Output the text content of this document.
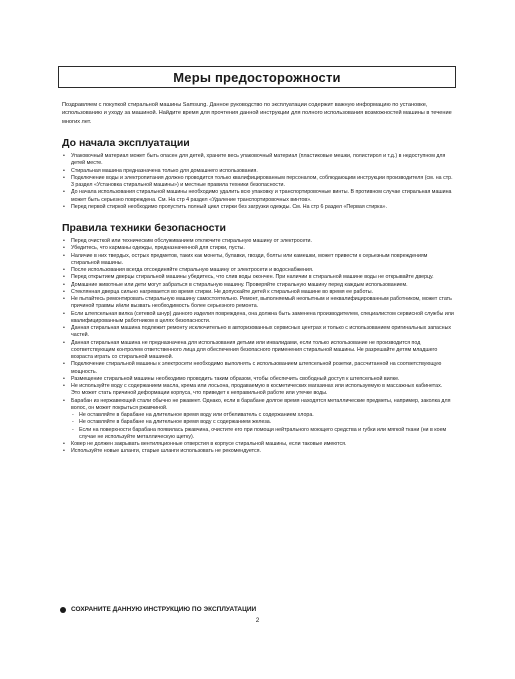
Меры предосторожности
Поздравляем с покупкой стиральной машины Samsung. Данное руководство по эксплуатации содержит важную информацию по установке, использованию и уходу за машиной. Найдите время для прочтения данной инструкции для полного использования возможностей машины в течение многих лет.
До начала эксплуатации
• Упаковочный материал может быть опасен для детей, храните весь упаковочный материал (пластиковые мешки, полистирол и т.д.) в недоступном для детей месте.
• Стиральная машина предназначена только для домашнего использования.
• Подключение воды и электропитания должно проводится только квалифицированным персоналом, соблюдающим инструкции производителя (см. на стр. 3 раздел «Установка стиральной машины») и местные правила техники безопасности.
• До начала использования стиральной машины необходимо удалить всю упаковку и транспортировочные винты. В противном случае стиральная машина может быть серьезно повреждена. См. На стр 4 раздел «Удаление транспортировочных винтов».
• Перед первой стиркой необходимо пропустить полный цикл стирки без загрузки одежды. См. На стр 6 раздел «Первая стирка».
Правила техники безопасности
• Перед очисткой или техническим обслуживанием отключите стиральную машину от электросети.
• Убедитесь, что карманы одежды, предназначенной для стирки, пусты.
• Наличие в них твердых, острых предметов, таких как монеты, булавки, гвозди, болты или камешки, может привести к серьезным повреждениям стиральной машины.
• После использования всегда отсоединяйте стиральную машину от электросети и водоснабжения.
• Перед открытием дверцы стиральной машины убедитесь, что слив воды окончен. При наличии в стиральной машине воды не открывайте дверцу.
• Домашние животные или дети могут забраться в стиральную машину. Проверяйте стиральную машину перед каждым использованием.
• Стеклянная дверца сильно нагревается во время стирки. Не допускайте детей к стиральной машине во время ее работы.
• Не пытайтесь ремонтировать стиральную машину самостоятельно. Ремонт, выполняемый неопытным и неквалифицированным работником, может стать причиной травмы и/или вызвать необходимость более серьезного ремонта.
• Если штепсельная вилка (сетевой шнур) данного изделия повреждена, она должна быть заменена производителем, специалистом сервисной службы или квалифицированным работником в целях безопасности.
• Данная стиральная машина подлежит ремонту исключительно в авторизованных сервисных центрах и только с использованием оригинальных запасных частей.
• Данная стиральная машина не предназначена для использования детьми или инвалидами, если только использование не производится под соответствующим контролем ответственного лица для обеспечения безопасного применения стиральной машины. Не разрешайте детям младшего возраста играть со стиральной машиной.
• Подключение стиральной машины к электросети необходимо выполнять с использованием штепсельной розетки, рассчитанной на соответствующую мощность.
• Размещение стиральной машины необходимо проводить таким образом, чтобы обеспечить свободный доступ к штепсельной вилке.
• Не используйте воду с содержанием масла, крема или лосьона, продаваемую в косметических магазинах или используемую в массажных кабинетах.
Это может стать причиной деформации корпуса, что приведет к неправильной работе или утечке воды.
• Барабан из нержавеющей стали обычно не ржавеет. Однако, если в барабане долгое время находятся металлические предметы, например, заколка для волос, он может покрыться ржавчиной.
- Не оставляйте в барабане на длительное время воду или отбеливатель с содержанием хлора.
- Не оставляйте в барабане на длительное время воду с содержанием железа.
- Если на поверхности барабана появилась ржавчина, очистите его при помощи нейтрального моющего средства и губки или мягкой ткани (ни в коем случае не используйте металлическую щетку).
• Ковер не должен закрывать вентиляционные отверстия в корпусе стиральной машины, если таковые имеются.
• Используйте новые шланги, старые шланги использовать не рекомендуется.
СОХРАНИТЕ ДАННУЮ ИНСТРУКЦИЮ ПО ЭКСПЛУАТАЦИИ
2
